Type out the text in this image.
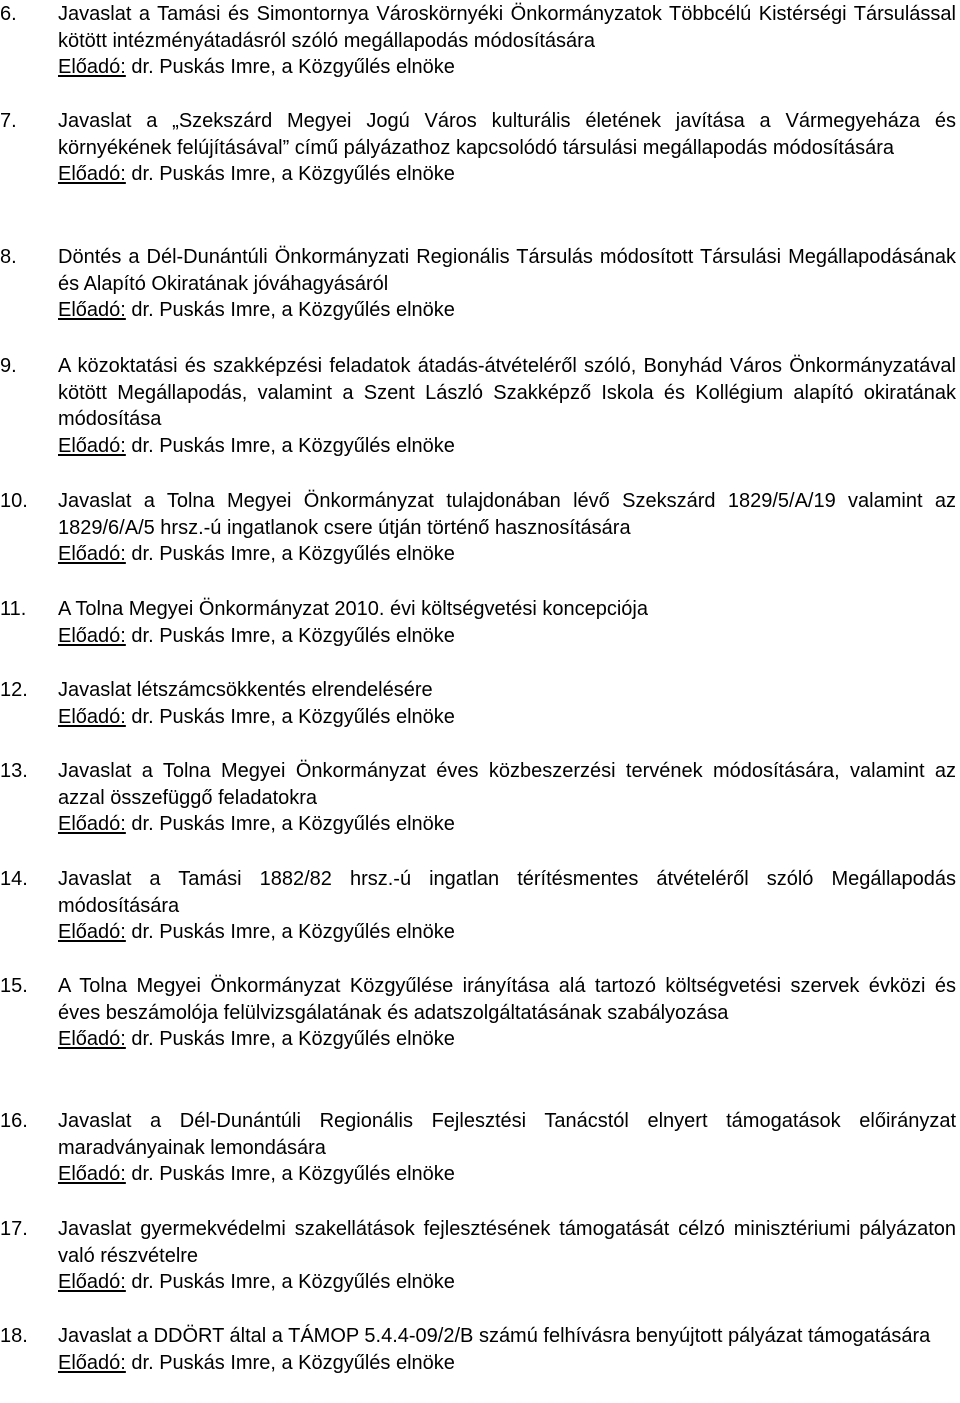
6. Javaslat a Tamási és Simontornya Városkörnyéki Önkormányzatok Többcélú Kistérségi Társulással kötött intézményátadásról szóló megállapodás módosítására
Előadó: dr. Puskás Imre, a Közgyűlés elnöke
7. Javaslat a „Szekszárd Megyei Jogú Város kulturális életének javítása a Vármegyeháza és környékének felújításával” című pályázathoz kapcsolódó társulási megállapodás módosítására
Előadó: dr. Puskás Imre, a Közgyűlés elnöke
8. Döntés a Dél-Dunántúli Önkormányzati Regionális Társulás módosított Társulási Megállapodásának és Alapító Okiratának jóváhagyásáról
Előadó: dr. Puskás Imre, a Közgyűlés elnöke
9. A közoktatási és szakképzési feladatok átadás-átvételéről szóló, Bonyhád Város Önkormányzatával kötött Megállapodás, valamint a Szent László Szakképző Iskola és Kollégium alapító okiratának módosítása
Előadó: dr. Puskás Imre, a Közgyűlés elnöke
10. Javaslat a Tolna Megyei Önkormányzat tulajdonában lévő Szekszárd 1829/5/A/19 valamint az 1829/6/A/5 hrsz.-ú ingatlanok csere útján történő hasznosítására
Előadó: dr. Puskás Imre, a Közgyűlés elnöke
11. A Tolna Megyei Önkormányzat 2010. évi költségvetési koncepciója
Előadó: dr. Puskás Imre, a Közgyűlés elnöke
12. Javaslat létszámcsökkentés elrendelésére
Előadó: dr. Puskás Imre, a Közgyűlés elnöke
13. Javaslat a Tolna Megyei Önkormányzat éves közbeszerzési tervének módosítására, valamint az azzal összefüggő feladatokra
Előadó: dr. Puskás Imre, a Közgyűlés elnöke
14. Javaslat a Tamási 1882/82 hrsz.-ú ingatlan térítésmentes átvételéről szóló Megállapodás módosítására
Előadó: dr. Puskás Imre, a Közgyűlés elnöke
15. A Tolna Megyei Önkormányzat Közgyűlése irányítása alá tartozó költségvetési szervek évközi és éves beszámolója felülvizsgálatának és adatszolgáltatásának szabályozása
Előadó: dr. Puskás Imre, a Közgyűlés elnöke
16. Javaslat a Dél-Dunántúli Regionális Fejlesztési Tanácstól elnyert támogatások előirányzat maradványainak lemondására
Előadó: dr. Puskás Imre, a Közgyűlés elnöke
17. Javaslat gyermekvédelmi szakellátások fejlesztésének támogatását célzó minisztériumi pályázaton való részvételre
Előadó: dr. Puskás Imre, a Közgyűlés elnöke
18. Javaslat a DDÖRT által a TÁMOP 5.4.4-09/2/B számú felhívásra benyújtott pályázat támogatására
Előadó: dr. Puskás Imre, a Közgyűlés elnöke
